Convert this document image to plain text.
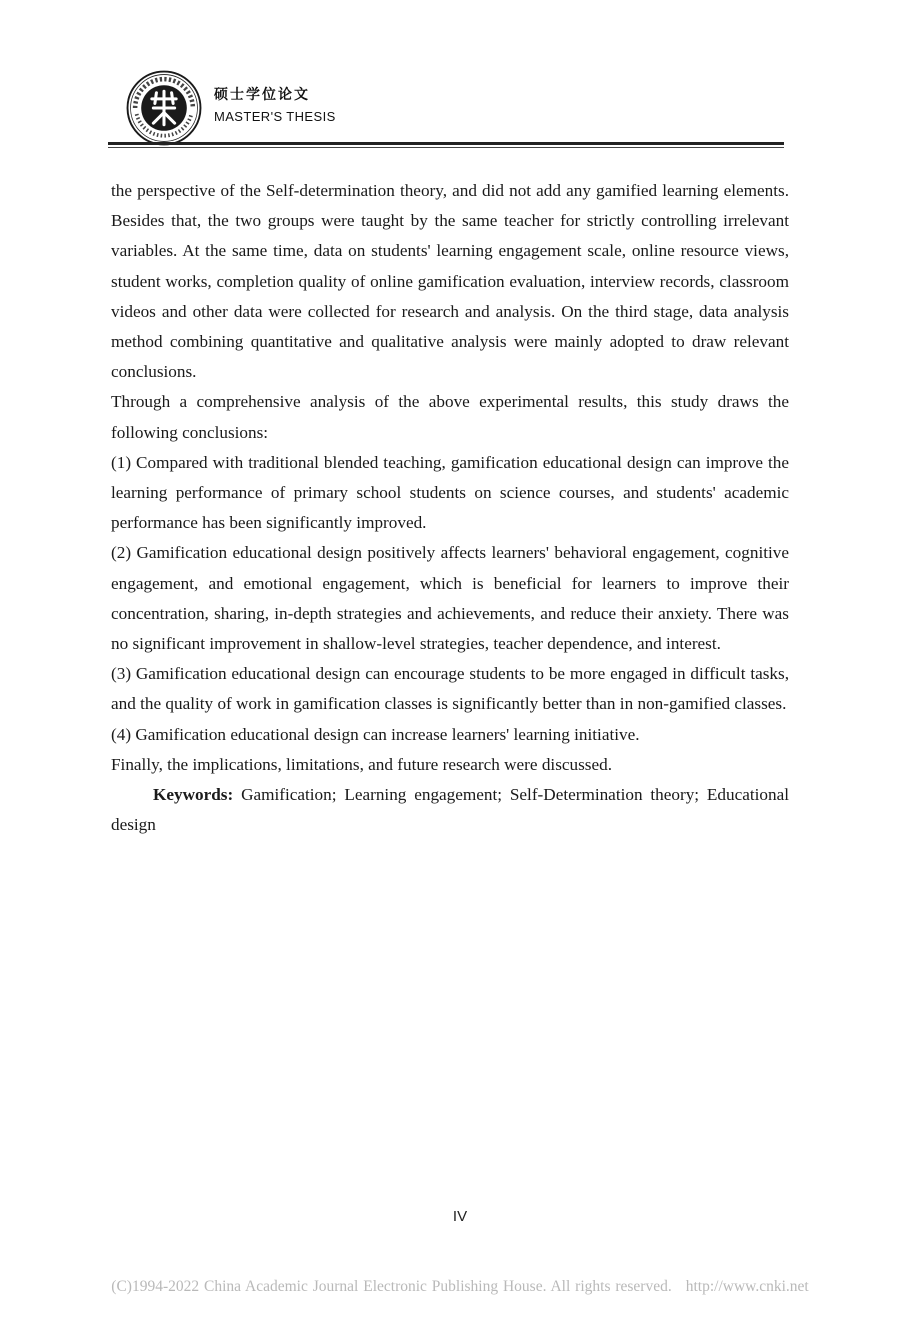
硕士学位论文
MASTER'S THESIS

the perspective of the Self-determination theory, and did not add any gamified learning elements. Besides that, the two groups were taught by the same teacher for strictly controlling irrelevant variables. At the same time, data on students' learning engagement scale, online resource views, student works, completion quality of online gamification evaluation, interview records, classroom videos and other data were collected for research and analysis. On the third stage, data analysis method combining quantitative and qualitative analysis were mainly adopted to draw relevant conclusions.

Through a comprehensive analysis of the above experimental results, this study draws the following conclusions:

(1) Compared with traditional blended teaching, gamification educational design can improve the learning performance of primary school students on science courses, and students' academic performance has been significantly improved.

(2) Gamification educational design positively affects learners' behavioral engagement, cognitive engagement, and emotional engagement, which is beneficial for learners to improve their concentration, sharing, in-depth strategies and achievements, and reduce their anxiety. There was no significant improvement in shallow-level strategies, teacher dependence, and interest.

(3) Gamification educational design can encourage students to be more engaged in difficult tasks, and the quality of work in gamification classes is significantly better than in non-gamified classes.

(4) Gamification educational design can increase learners' learning initiative.

Finally, the implications, limitations, and future research were discussed.

Keywords: Gamification; Learning engagement; Self-Determination theory; Educational design

IV
(C)1994-2022 China Academic Journal Electronic Publishing House. All rights reserved. http://www.cnki.net
